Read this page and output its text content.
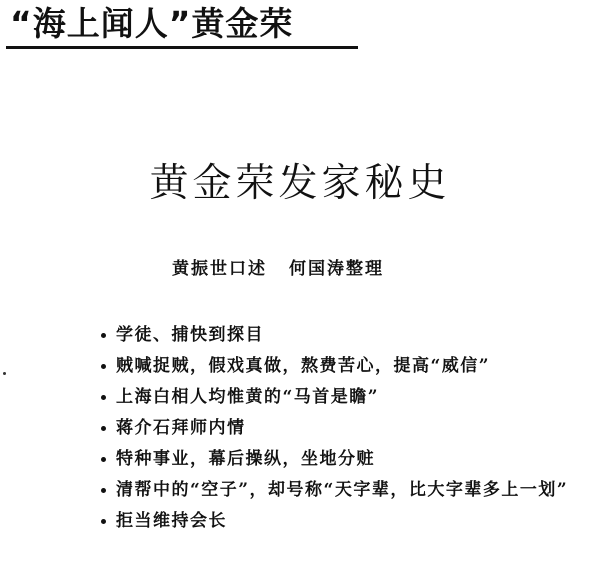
“海上闻人”黄金荣
黄金荣发家秘史
黄振世口述 何国涛整理
学徒、捕快到探目
贼喊捉贼，假戏真做，熬费苦心，提高“威信”
上海白相人均惟黄的“马首是瞻”
蒋介石拜师内情
特种事业，幕后操纵，坐地分赃
清帮中的“空子”，却号称“天字辈，比大字辈多上一划”
拒当维持会长
